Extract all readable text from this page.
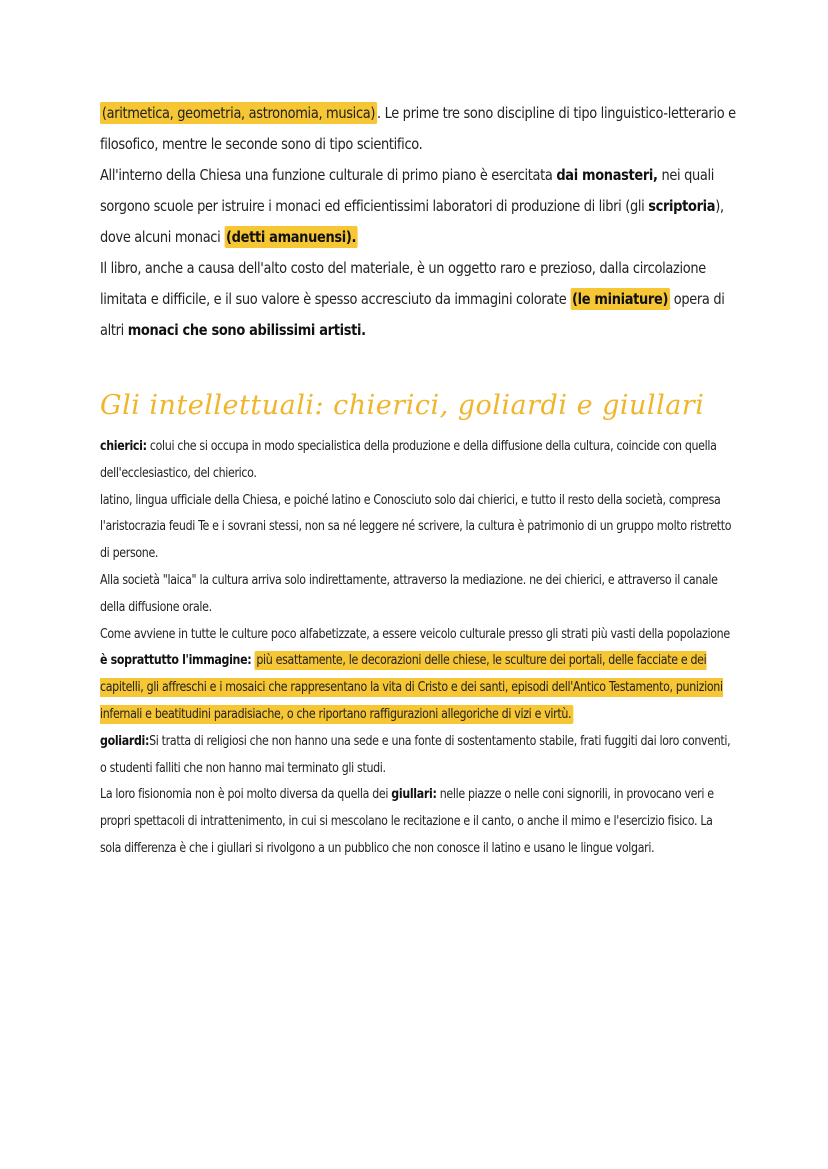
(aritmetica, geometria, astronomia, musica) . Le prime tre sono discipline di tipo linguistico-letterario e filosofico, mentre le seconde sono di tipo scientifico.
All'interno della Chiesa una funzione culturale di primo piano è esercitata dai monasteri, nei quali sorgono scuole per istruire i monaci ed efficientissimi laboratori di produzione di libri (gli scriptoria), dove alcuni monaci (detti amanuensi).
Il libro, anche a causa dell'alto costo del materiale, è un oggetto raro e prezioso, dalla circolazione limitata e difficile, e il suo valore è spesso accresciuto da immagini colorate (le miniature) opera di altri monaci che sono abilissimi artisti.

Gli intellettuali: chierici, goliardi e giullari

chierici: colui che si occupa in modo specialistica della produzione e della diffusione della cultura, coincide con quella dell'ecclesiastico, del chierico.
latino, lingua ufficiale della Chiesa, e poiché latino e Conosciuto solo dai chierici, e tutto il resto della società, compresa l'aristocrazia feudi Te e i sovrani stessi, non sa né leggere né scrivere, la cultura è patrimonio di un gruppo molto ristretto di persone.
Alla società "laica" la cultura arriva solo indirettamente, attraverso la mediazione. ne dei chierici, e attraverso il canale della diffusione orale.
Come avviene in tutte le culture poco alfabetizzate, a essere veicolo culturale presso gli strati più vasti della popolazione è soprattutto l'immagine: più esattamente, le decorazioni delle chiese, le sculture dei portali, delle facciate e dei capitelli, gli affreschi e i mosaici che rappresentano la vita di Cristo e dei santi, episodi dell'Antico Testamento, punizioni infernali e beatitudini paradisiache, o che riportano raffigurazioni allegoriche di vizi e virtù.
goliardi:Si tratta di religiosi che non hanno una sede e una fonte di sostentamento stabile, frati fuggiti dai loro conventi, o studenti falliti che non hanno mai terminato gli studi.
La loro fisionomia non è poi molto diversa da quella dei giullari: nelle piazze o nelle coni signorili, in provocano veri e propri spettacoli di intrattenimento, in cui si mescolano le recitazione e il canto, o anche il mimo e l'esercizio fisico. La sola differenza è che i giullari si rivolgono a un pubblico che non conosce il latino e usano le lingue volgari.
